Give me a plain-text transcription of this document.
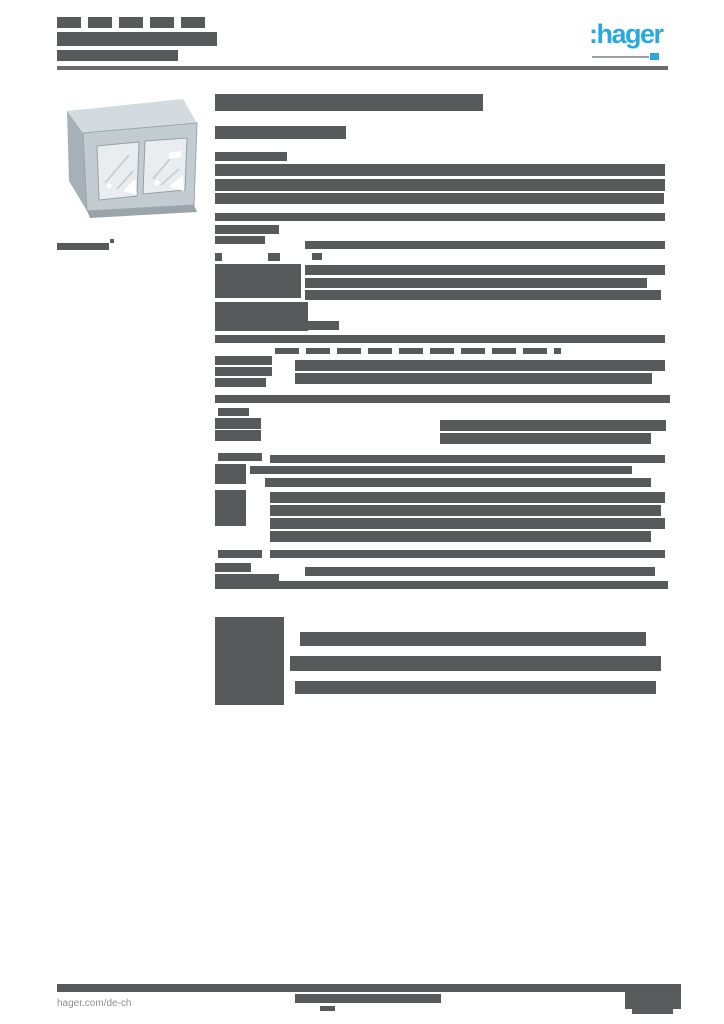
:hager
hager.com/de-ch
